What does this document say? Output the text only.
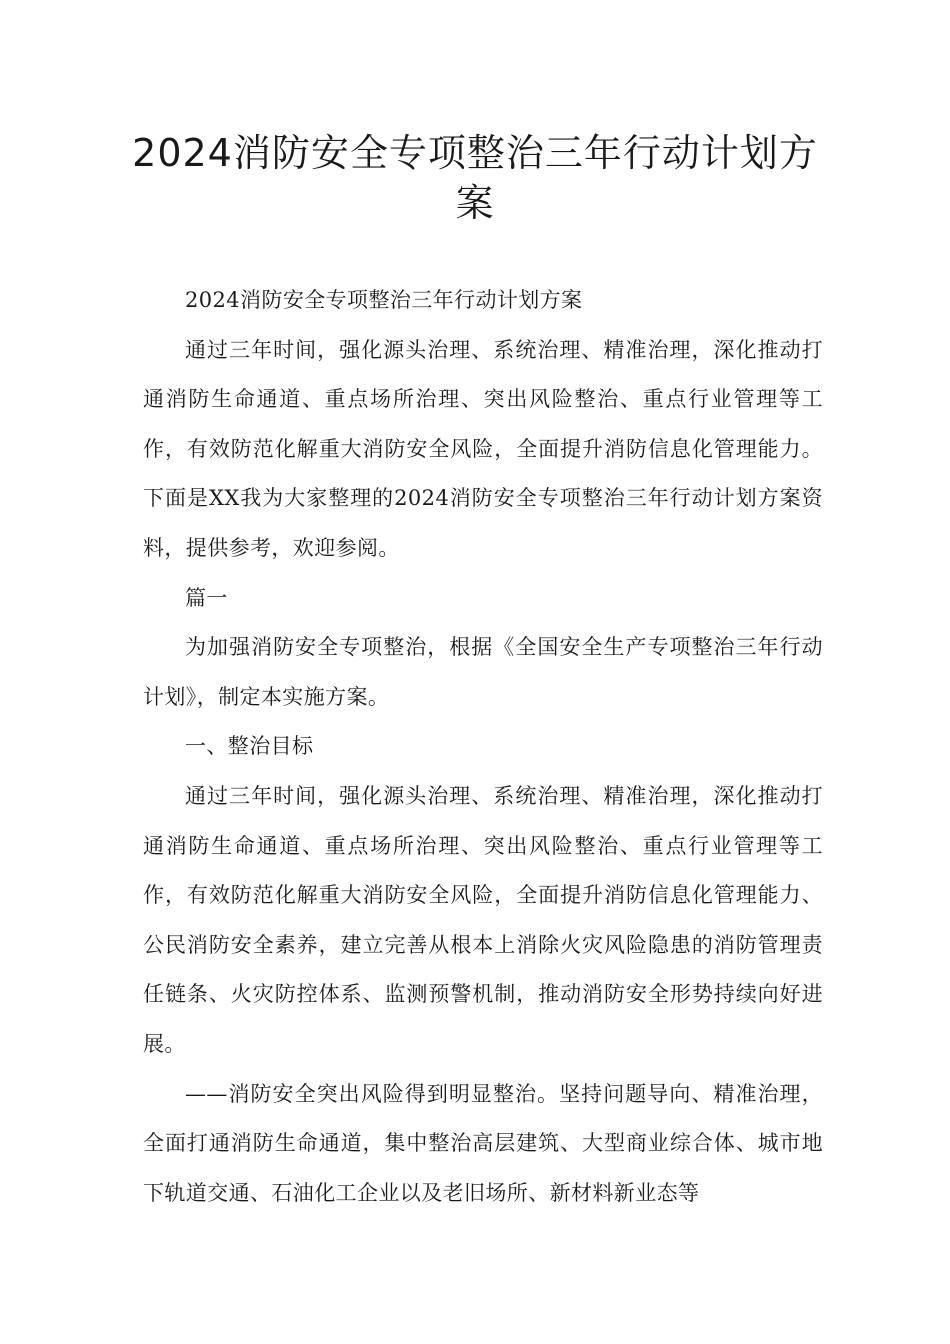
2024消防安全专项整治三年行动计划方案

2024消防安全专项整治三年行动计划方案

通过三年时间，强化源头治理、系统治理、精准治理，深化推动打通消防生命通道、重点场所治理、突出风险整治、重点行业管理等工作，有效防范化解重大消防安全风险，全面提升消防信息化管理能力。下面是XX我为大家整理的2024消防安全专项整治三年行动计划方案资料，提供参考，欢迎参阅。

篇一

为加强消防安全专项整治，根据《全国安全生产专项整治三年行动计划》，制定本实施方案。

一、整治目标

通过三年时间，强化源头治理、系统治理、精准治理，深化推动打通消防生命通道、重点场所治理、突出风险整治、重点行业管理等工作，有效防范化解重大消防安全风险，全面提升消防信息化管理能力、公民消防安全素养，建立完善从根本上消除火灾风险隐患的消防管理责任链条、火灾防控体系、监测预警机制，推动消防安全形势持续向好进展。

——消防安全突出风险得到明显整治。坚持问题导向、精准治理，全面打通消防生命通道，集中整治高层建筑、大型商业综合体、城市地下轨道交通、石油化工企业以及老旧场所、新材料新业态等
